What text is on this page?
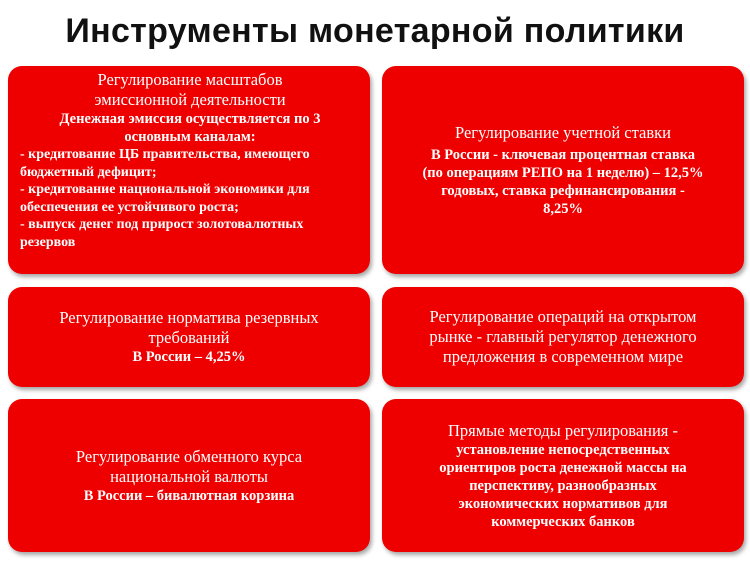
Инструменты монетарной политики

Регулирование масштабов

эмиссионной деятельности

Денежная эмиссия осуществляется по 3

основным каналам:

- кредитование ЦБ правительства, имеющего бюджетный дефицит;
- кредитование национальной экономики для обеспечения ее устойчивого роста;
- выпуск денег под прирост золотовалютных резервов

Регулирование учетной ставки

В России - ключевая процентная ставка

(по операциям РЕПО на 1 неделю) – 12,5%

годовых, ставка рефинансирования -

8,25%

Регулирование норматива резервных

требований

В России – 4,25%

Регулирование операций на открытом

рынке - главный регулятор денежного

предложения в современном мире

Регулирование обменного курса

национальной валюты

В России – бивалютная корзина

Прямые методы регулирования -

установление непосредственных

ориентиров роста денежной массы на

перспективу, разнообразных

экономических нормативов для

коммерческих банков
